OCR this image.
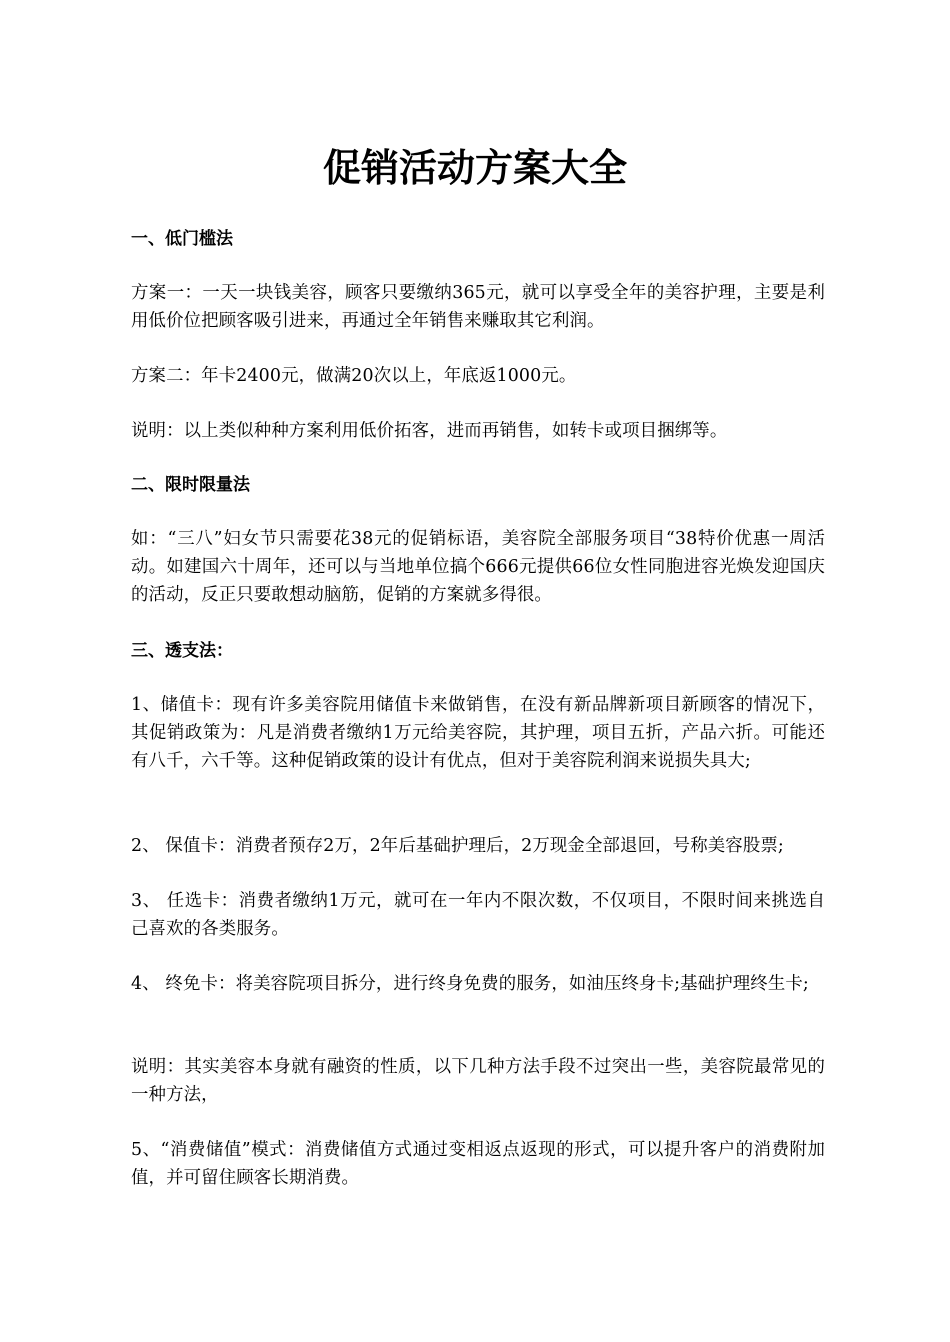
促销活动方案大全
一、低门槛法

方案一：一天一块钱美容，顾客只要缴纳365元，就可以享受全年的美容护理，主要是利用低价位把顾客吸引进来，再通过全年销售来赚取其它利润。

方案二：年卡2400元，做满20次以上，年底返1000元。

说明：以上类似种种方案利用低价拓客，进而再销售，如转卡或项目捆绑等。

二、限时限量法

如：“三八”妇女节只需要花38元的促销标语，美容院全部服务项目“38特价优惠一周活动。如建国六十周年，还可以与当地单位搞个666元提供66位女性同胞进容光焕发迎国庆的活动，反正只要敢想动脑筋，促销的方案就多得很。

三、透支法：

1、储值卡：现有许多美容院用储值卡来做销售，在没有新品牌新项目新顾客的情况下，其促销政策为：凡是消费者缴纳1万元给美容院，其护理，项目五折，产品六折。可能还有八千，六千等。这种促销政策的设计有优点，但对于美容院利润来说损失具大;

2、 保值卡：消费者预存2万，2年后基础护理后，2万现金全部退回，号称美容股票;

3、 任选卡：消费者缴纳1万元，就可在一年内不限次数，不仅项目，不限时间来挑选自己喜欢的各类服务。

4、 终免卡：将美容院项目拆分，进行终身免费的服务，如油压终身卡;基础护理终生卡;

说明：其实美容本身就有融资的性质，以下几种方法手段不过突出一些，美容院最常见的一种方法，

5、“消费储值”模式：消费储值方式通过变相返点返现的形式，可以提升客户的消费附加值，并可留住顾客长期消费。
